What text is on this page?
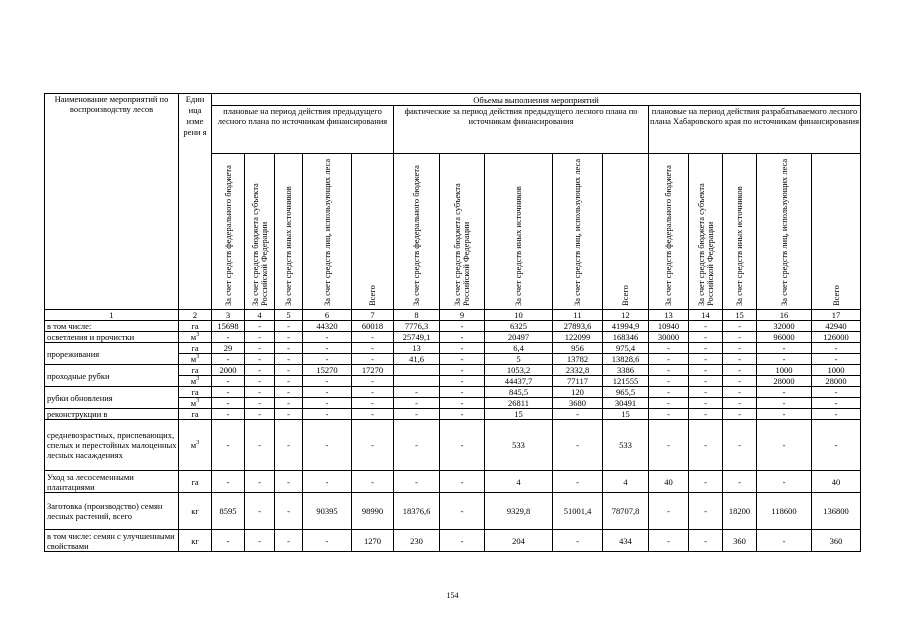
Наименование мероприятий по воспроизводству лесов	Един ица изме рени я	Объемы выполнения мероприятий														
		плановые на период действия предыдущего лесного плана по источникам финансирования					фактические за период действия предыдущего лесного плана по источникам финансирования					плановые на период действия разрабатываемого лесного плана Хабаровского края по источникам финансирования				
		За счет средств федерального бюджета	За счет средств бюджета субъекта Российской Федерации	За счет средств иных источников	За счет средств лиц, использующих леса	Всего	За счет средств федерального бюджета	За счет средств бюджета субъекта Российской Федерации	За счет средств иных источников	За счет средств лиц, использующих леса	Всего	За счет средств федерального бюджета	За счет средств бюджета субъекта Российской Федерации	За счет средств иных источников	За счет средств лиц, использующих леса	Всего
1	2	3	4	5	6	7	8	9	10	11	12	13	14	15	16	17
в том числе:	га	15698	-	-	44320	60018	7776,3	-	6325	27893,6	41994,9	10940	-	-	32000	42940
осветления и прочистки	$м^3$	-	-	-	-	-	25749,1	-	20497	122099	168346	30000	-	-	96000	126000
прореживания	га	29	-	-	-	-	13	-	6,4	956	975,4	-	-	-	-	-
	$м^3$	-	-	-	-	-	41,6	-	5	13782	13828,6	-	-	-	-	-
проходные рубки	га	2000	-	-	15270	17270		-	1053,2	2332,8	3386	-	-	-	1000	1000
	$м^3$	-	-	-	-	-		-	44437,7	77117	121555	-	-	-	28000	28000
рубки обновления	га	-	-	-	-	-	-	-	845,5	120	965,5	-	-	-	-	-
	$м^3$	-	-	-	-	-	-	-	26811	3680	30491	-	-	-	-	-
реконструкции в	га	-	-	-	-	-	-	-	15	-	15	-	-	-	-	-
средневозрастных, приспевающих, спелых и перестойных малоценных лесных насаждениях	$м^3$	-	-	-	-	-	-	-	533	-	533	-	-	-	-	-
Уход за лесосеменными плантациями	га	-	-	-	-	-	-	-	4	-	4	40	-	-	-	40
Заготовка (производство) семян лесных растений, всего	кг	8595	-	-	90395	98990	18376,6	-	9329,8	51001,4	78707,8	-	-	18200	118600	136800
в том числе: семян с улучшенными свойствами	кг	-	-	-	-	1270	230	-	204	-	434	-	-	360	-	360
154
